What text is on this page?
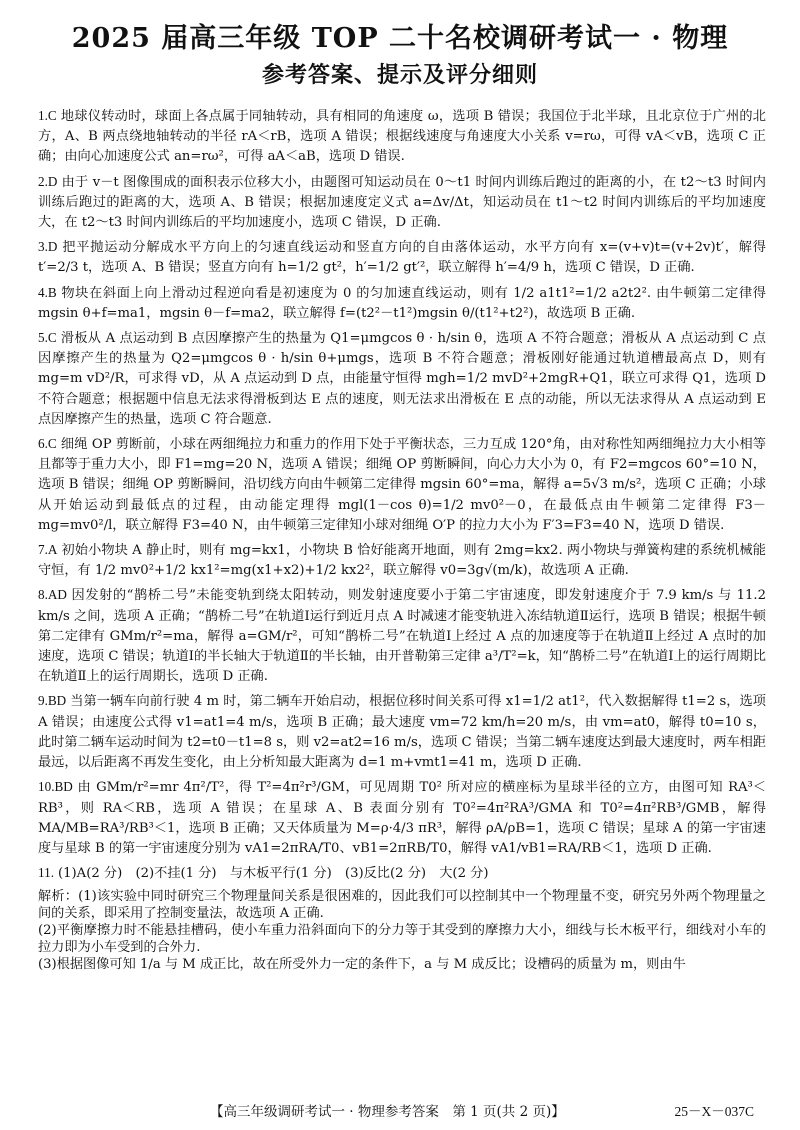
2025 届高三年级 TOP 二十名校调研考试一 · 物理
参考答案、提示及评分细则
1.C 地球仪转动时，球面上各点属于同轴转动，具有相同的角速度 ω，选项 B 错误；我国位于北半球，且北京位于广州的北方，A、B 两点绕地轴转动的半径 rA＜rB，选项 A 错误；根据线速度与角速度大小关系 v=rω，可得 vA＜vB，选项 C 正确；由向心加速度公式 an=rω²，可得 aA＜aB，选项 D 错误.
2.D 由于 v－t 图像围成的面积表示位移大小，由题图可知运动员在 0～t1 时间内训练后跑过的距离的小，在 t2～t3 时间内训练后跑过的距离的大，选项 A、B 错误；根据加速度定义式 a=Δv/Δt，知运动员在 t1～t2 时间内训练后的平均加速度大，在 t2～t3 时间内训练后的平均加速度小，选项 C 错误，D 正确.
3.D 把平抛运动分解成水平方向上的匀速直线运动和竖直方向的自由落体运动，水平方向有 x=(v+v)t=(v+2v)t′，解得 t′=2/3 t，选项 A、B 错误；竖直方向有 h=1/2 gt²，h′=1/2 gt′²，联立解得 h′=4/9 h，选项 C 错误，D 正确.
4.B 物块在斜面上向上滑动过程逆向看是初速度为 0 的匀加速直线运动，则有 1/2 a1t1²=1/2 a2t2². 由牛顿第二定律得 mgsin θ+f=ma1，mgsin θ－f=ma2，联立解得 f=(t2²－t1²)mgsin θ/(t1²+t2²)，故选项 B 正确.
5.C 滑板从 A 点运动到 B 点因摩擦产生的热量为 Q1=μmgcos θ · h/sin θ，选项 A 不符合题意；滑板从 A 点运动到 C 点因摩擦产生的热量为 Q2=μmgcos θ · h/sin θ+μmgs，选项 B 不符合题意；滑板刚好能通过轨道槽最高点 D，则有 mg=m vD²/R，可求得 vD，从 A 点运动到 D 点，由能量守恒得 mgh=1/2 mvD²+2mgR+Q1，联立可求得 Q1，选项 D 不符合题意；根据题中信息无法求得滑板到达 E 点的速度，则无法求出滑板在 E 点的动能，所以无法求得从 A 点运动到 E 点因摩擦产生的热量，选项 C 符合题意.
6.C 细绳 OP 剪断前，小球在两细绳拉力和重力的作用下处于平衡状态，三力互成 120°角，由对称性知两细绳拉力大小相等且都等于重力大小，即 F1=mg=20 N，选项 A 错误；细绳 OP 剪断瞬间，向心力大小为 0，有 F2=mgcos 60°=10 N，选项 B 错误；细绳 OP 剪断瞬间，沿切线方向由牛顿第二定律得 mgsin 60°=ma，解得 a=5√3 m/s²，选项 C 正确；小球从开始运动到最低点的过程，由动能定理得 mgl(1－cos θ)=1/2 mv0²－0，在最低点由牛顿第二定律得 F3－mg=mv0²/l，联立解得 F3=40 N，由牛顿第三定律知小球对细绳 O′P 的拉力大小为 F′3=F3=40 N，选项 D 错误.
7.A 初始小物块 A 静止时，则有 mg=kx1，小物块 B 恰好能离开地面，则有 2mg=kx2. 两小物块与弹簧构建的系统机械能守恒，有 1/2 mv0²+1/2 kx1²=mg(x1+x2)+1/2 kx2²，联立解得 v0=3g√(m/k)，故选项 A 正确.
8.AD 因发射的“鹊桥二号”未能变轨到绕太阳转动，则发射速度要小于第二宇宙速度，即发射速度介于 7.9 km/s 与 11.2 km/s 之间，选项 A 正确；“鹊桥二号”在轨道Ⅰ运行到近月点 A 时减速才能变轨进入冻结轨道Ⅱ运行，选项 B 错误；根据牛顿第二定律有 GMm/r²=ma，解得 a=GM/r²，可知“鹊桥二号”在轨道Ⅰ上经过 A 点的加速度等于在轨道Ⅱ上经过 A 点时的加速度，选项 C 错误；轨道Ⅰ的半长轴大于轨道Ⅱ的半长轴，由开普勒第三定律 a³/T²=k，知“鹊桥二号”在轨道Ⅰ上的运行周期比在轨道Ⅱ上的运行周期长，选项 D 正确.
9.BD 当第一辆车向前行驶 4 m 时，第二辆车开始启动，根据位移时间关系可得 x1=1/2 at1²，代入数据解得 t1=2 s，选项 A 错误；由速度公式得 v1=at1=4 m/s，选项 B 正确；最大速度 vm=72 km/h=20 m/s，由 vm=at0，解得 t0=10 s，此时第二辆车运动时间为 t2=t0－t1=8 s，则 v2=at2=16 m/s，选项 C 错误；当第二辆车速度达到最大速度时，两车相距最远，以后距离不再发生变化，由上分析知最大距离为 d=1 m+vmt1=41 m，选项 D 正确.
10.BD 由 GMm/r²=mr 4π²/T²，得 T²=4π²r³/GM，可见周期 T0² 所对应的横座标为星球半径的立方，由图可知 RA³＜RB³，则 RA＜RB，选项 A 错误；在星球 A、B 表面分别有 T0²=4π²RA³/GMA 和 T0²=4π²RB³/GMB，解得 MA/MB=RA³/RB³＜1，选项 B 正确；又天体质量为 M=ρ·4/3 πR³，解得 ρA/ρB=1，选项 C 错误；星球 A 的第一宇宙速度与星球 B 的第一宇宙速度分别为 vA1=2πRA/T0、vB1=2πRB/T0，解得 vA1/vB1=RA/RB＜1，选项 D 正确.
11. (1)A(2 分)　(2)不挂(1 分)　与木板平行(1 分)　(3)反比(2 分)　大(2 分)

解析：(1)该实验中同时研究三个物理量间关系是很困难的，因此我们可以控制其中一个物理量不变，研究另外两个物理量之间的关系，即采用了控制变量法，故选项 A 正确.

(2)平衡摩擦力时不能悬挂槽码，使小车重力沿斜面向下的分力等于其受到的摩擦力大小，细线与长木板平行，细线对小车的拉力即为小车受到的合外力.

(3)根据图像可知 1/a 与 M 成正比，故在所受外力一定的条件下，a 与 M 成反比；设槽码的质量为 m，则由牛

【高三年级调研考试一 · 物理参考答案　第 1 页(共 2 页)】	25－X－037C
